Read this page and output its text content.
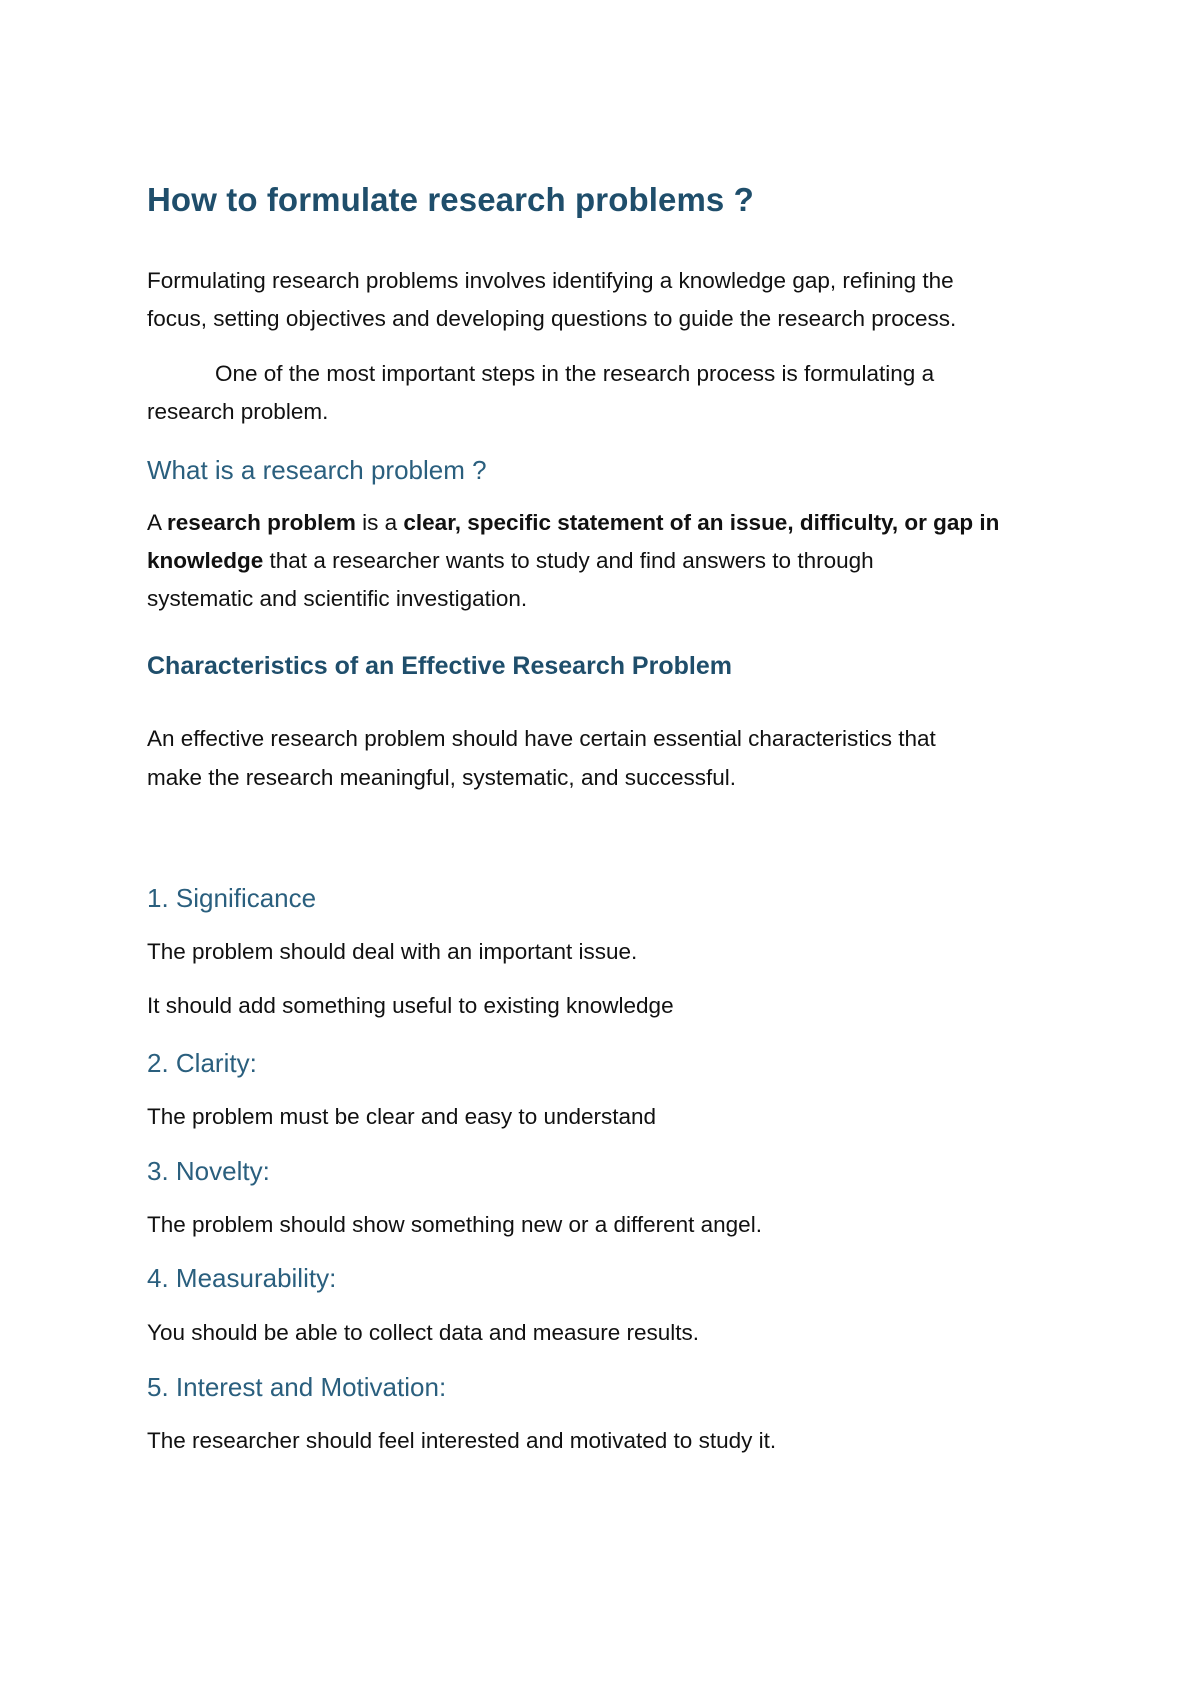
How to formulate research problems ?

Formulating research problems involves identifying a knowledge gap, refining the

focus, setting objectives and developing questions to guide the research process.

One of the most important steps in the research process is formulating a

research problem.

What is a research problem ?

A research problem is a clear, specific statement of an issue, difficulty, or gap in

knowledge that a researcher wants to study and find answers to through

systematic and scientific investigation.

Characteristics of an Effective Research Problem

An effective research problem should have certain essential characteristics that

make the research meaningful, systematic, and successful.

1. Significance

The problem should deal with an important issue.

It should add something useful to existing knowledge

2. Clarity:

The problem must be clear and easy to understand

3. Novelty:

The problem should show something new or a different angel.

4. Measurability:

You should be able to collect data and measure results.

5. Interest and Motivation:

The researcher should feel interested and motivated to study it.
